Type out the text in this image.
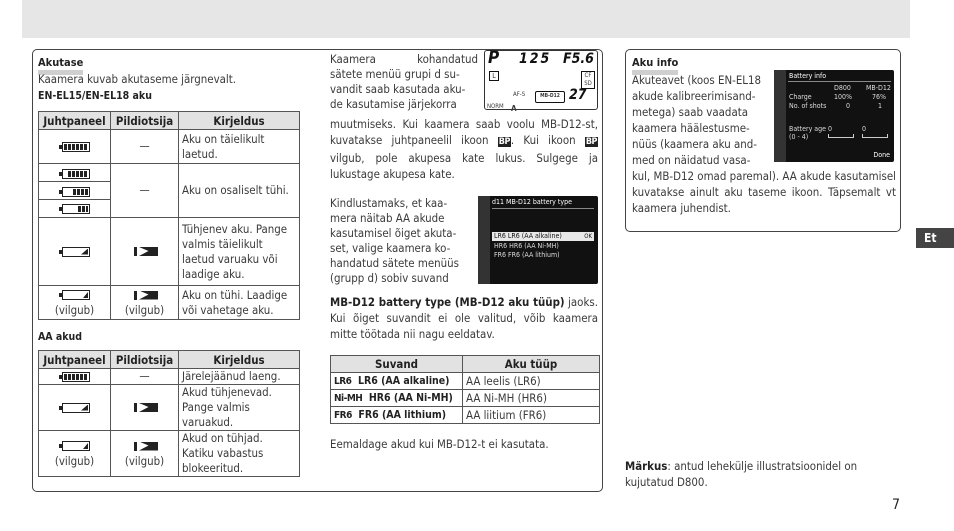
Et
7
Akutase
Kaamera kuvab akutaseme järgnevalt.
EN-EL15/EN-EL18 aku
Juhtpaneel	Pildiotsija	Kirjeldus

	—	Aku on täielikult laetud.

	—	Aku on osaliselt tühi.

	Tühjenev aku. Pange valmis täielikult laetud varuaku või laadige aku.

(vilgub)	(vilgub)	Aku on tühi. Laadige või vahetage aku.
AA akud
Juhtpaneel	Pildiotsija	Kirjeldus

	—	Järelejäänud laeng.

	Akud tühjenevad. Pange valmis varuakud.

(vilgub)	(vilgub)	Akud on tühjad. Katiku vabastus blokeeritud.
Kaamera kohandatud
sätete menüü grupi d su-
vandit saab kasutada aku-
de kasutamise järjekorra
muutmiseks. Kui kaamera saab voolu MB-D12-st, kuvatakse juhtpaneelil ikoon BP. Kui ikoon BP vilgub, pole akupesa kate lukus. Sulgege ja lukustage akupesa kate.
P 125 F5.6
L	CF
SD
AF-S
NORM A
MB-D12 27
Kindlustamaks, et kaa-
mera näitab AA akude
kasutamisel õiget akuta-
set, valige kaamera ko-
handatud sätete menüüs
(grupp d) sobiv suvand
d11 MB-D12 battery type
LR6 LR6 (AA alkaline)	OK
HR6 HR6 (AA Ni-MH)
FR6 FR6 (AA lithium)
MB-D12 battery type (MB-D12 aku tüüp) jaoks. Kui õiget suvandit ei ole valitud, võib kaamera mitte töötada nii nagu eeldatav.
Suvand	Aku tüüp
LR6 LR6 (AA alkaline)	AA leelis (LR6)
Ni-MH HR6 (AA Ni-MH)	AA Ni-MH (HR6)
FR6 FR6 (AA lithium)	AA liitium (FR6)
Eemaldage akud kui MB-D12-t ei kasutata.
Aku info
Akuteavet (koos EN-EL18
akude kalibreerimisand-
metega) saab vaadata
kaamera häälestusme-
nüüs (kaamera aku and-
med on näidatud vasa-
kul, MB-D12 omad paremal). AA akude kasutamisel kuvatakse ainult aku taseme ikoon. Täpsemalt vt kaamera juhendist.
Battery info
D800 MB-D12
Charge	100%	76%
No. of shots	0	1
Battery age
(0 - 4)
0	0
Done
Märkus: antud lehekülje illustratsioonidel on kujutatud D800.
